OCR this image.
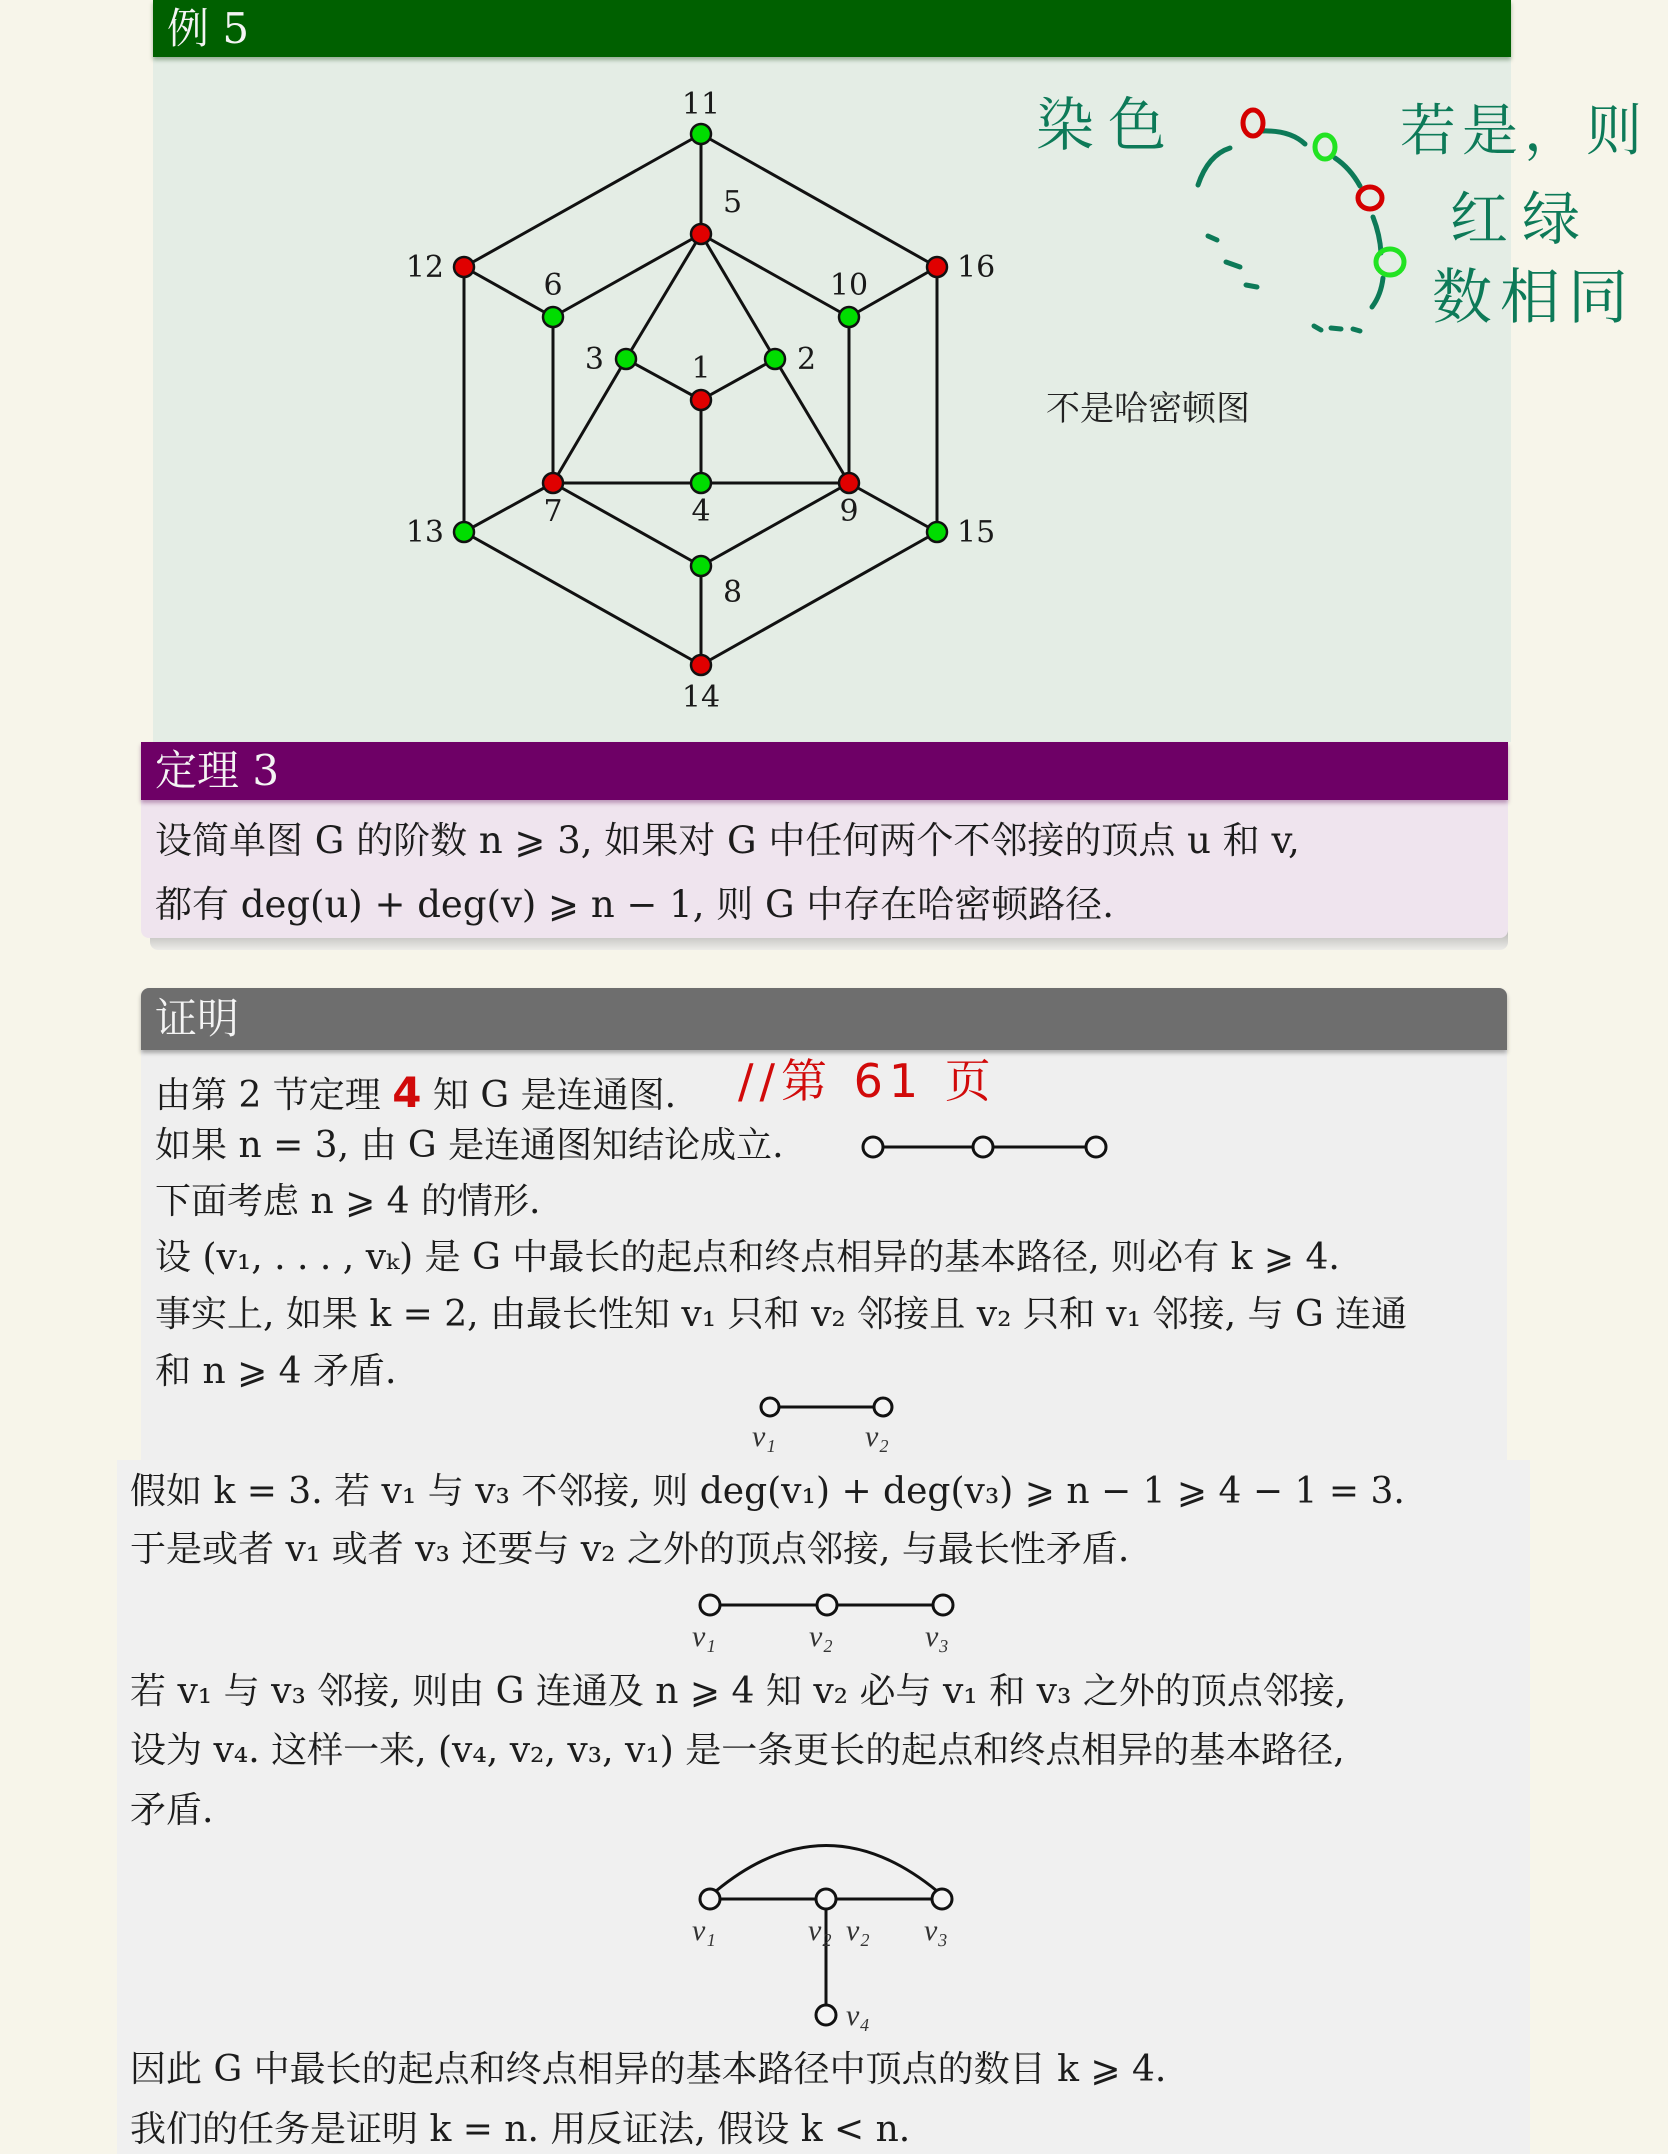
例 5
1	2
3
4
5
6
7
8
9
10
11
12
13
14
15
16
不是哈密顿图
染色	若是，则
红绿
数相同
定理 3
设简单图 G 的阶数 n ⩾ 3, 如果对 G 中任何两个不邻接的顶点 u 和 v,
都有 deg(u) + deg(v) ⩾ n − 1, 则 G 中存在哈密顿路径.
证明
由第 2 节定理 4 知 G 是连通图. //第 61 页
如果 n = 3, 由 G 是连通图知结论成立.
下面考虑 n ⩾ 4 的情形.
设 (v₁, . . . , vₖ) 是 G 中最长的起点和终点相异的基本路径, 则必有 k ⩾ 4.
事实上, 如果 k = 2, 由最长性知 v₁ 只和 v₂ 邻接且 v₂ 只和 v₁ 邻接, 与 G 连通
和 n ⩾ 4 矛盾.
v₁	v₂
假如 k = 3. 若 v₁ 与 v₃ 不邻接, 则 deg(v₁) + deg(v₃) ⩾ n − 1 ⩾ 4 − 1 = 3.
于是或者 v₁ 或者 v₃ 还要与 v₂ 之外的顶点邻接, 与最长性矛盾.
v₁	v₂	v₃
若 v₁ 与 v₃ 邻接, 则由 G 连通及 n ⩾ 4 知 v₂ 必与 v₁ 和 v₃ 之外的顶点邻接,
设为 v₄. 这样一来, (v₄, v₂, v₃, v₁) 是一条更长的起点和终点相异的基本路径,
矛盾.
v₁	v₂ v₂ v₃
v₄
因此 G 中最长的起点和终点相异的基本路径中顶点的数目 k ⩾ 4.
我们的任务是证明 k = n. 用反证法, 假设 k < n.
